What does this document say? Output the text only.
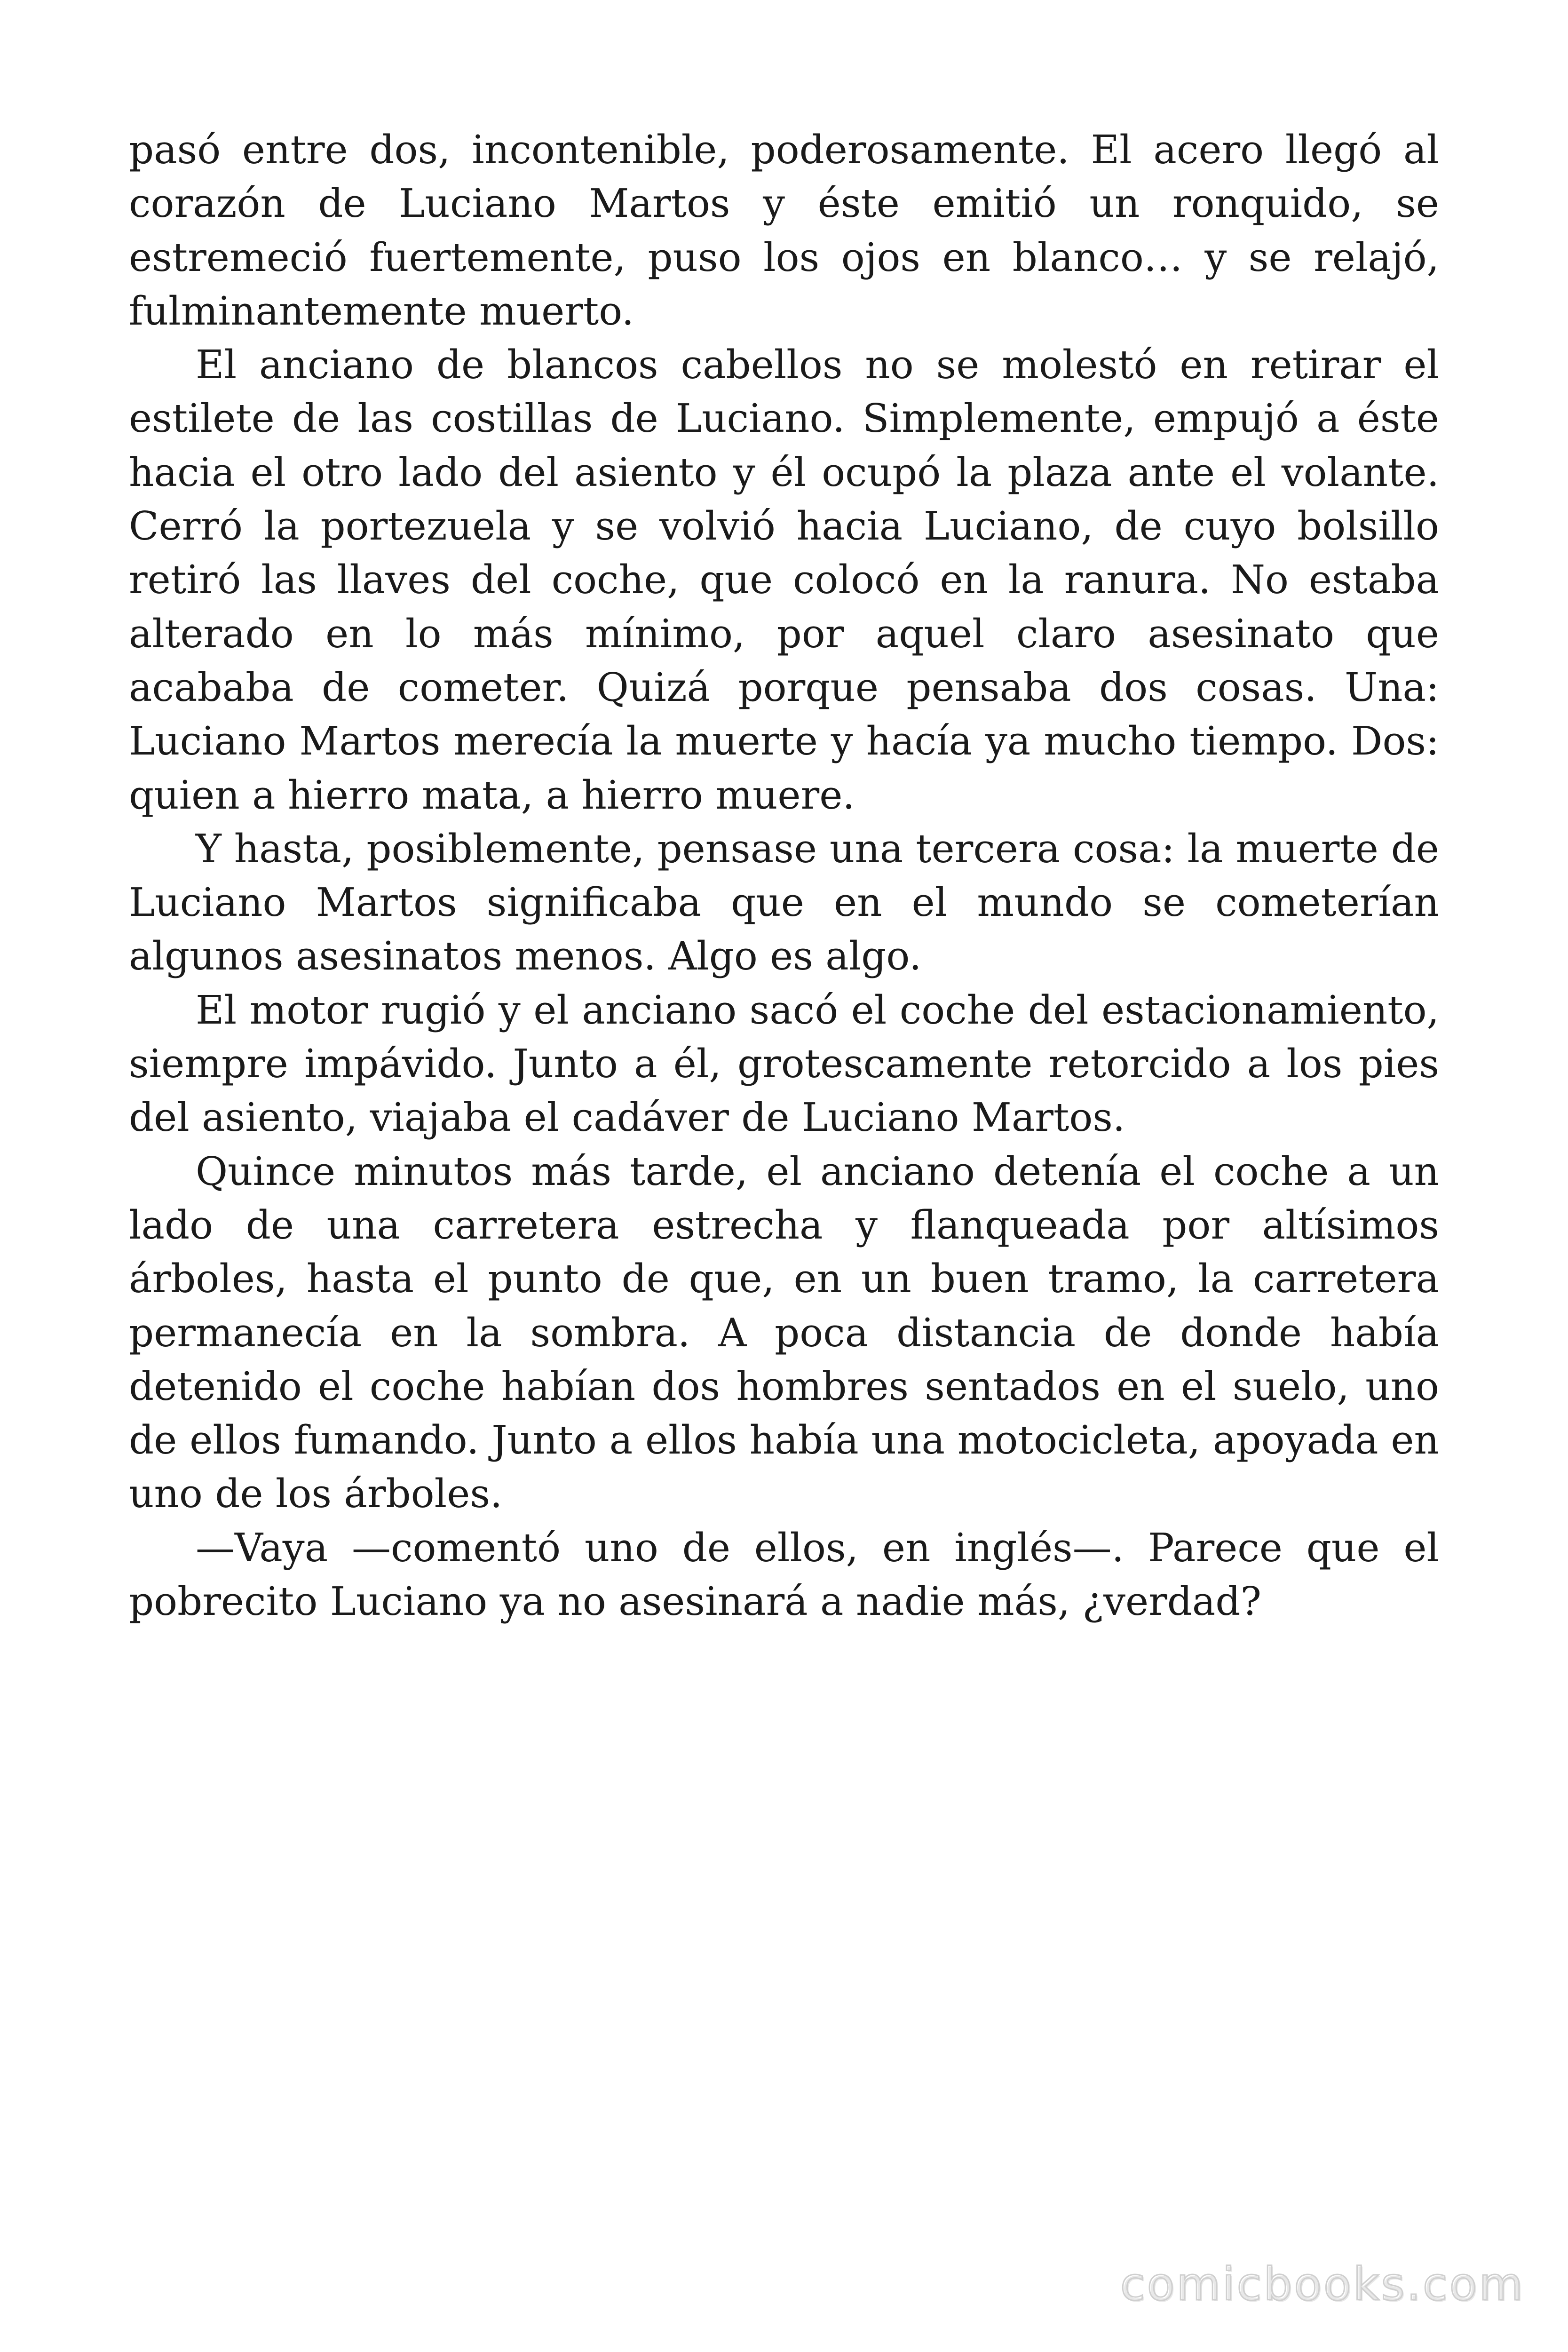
pasó entre dos, incontenible, poderosamente. El acero llegó al corazón de Luciano Martos y éste emitió un ronquido, se estremeció fuertemente, puso los ojos en blanco… y se relajó, fulminantemente muerto.

El anciano de blancos cabellos no se molestó en retirar el estilete de las costillas de Luciano. Simplemente, empujó a éste hacia el otro lado del asiento y él ocupó la plaza ante el volante. Cerró la portezuela y se volvió hacia Luciano, de cuyo bolsillo retiró las llaves del coche, que colocó en la ranura. No estaba alterado en lo más mínimo, por aquel claro asesinato que acababa de cometer. Quizá porque pensaba dos cosas. Una: Luciano Martos merecía la muerte y hacía ya mucho tiempo. Dos: quien a hierro mata, a hierro muere.

Y hasta, posiblemente, pensase una tercera cosa: la muerte de Luciano Martos significaba que en el mundo se cometerían algunos asesinatos menos. Algo es algo.

El motor rugió y el anciano sacó el coche del estacionamiento, siempre impávido. Junto a él, grotescamente retorcido a los pies del asiento, viajaba el cadáver de Luciano Martos.

Quince minutos más tarde, el anciano detenía el coche a un lado de una carretera estrecha y flanqueada por altísimos árboles, hasta el punto de que, en un buen tramo, la carretera permanecía en la sombra. A poca distancia de donde había detenido el coche habían dos hombres sentados en el suelo, uno de ellos fumando. Junto a ellos había una motocicleta, apoyada en uno de los árboles.

—Vaya —comentó uno de ellos, en inglés—. Parece que el pobrecito Luciano ya no asesinará a nadie más, ¿verdad?

comicbooks.com
